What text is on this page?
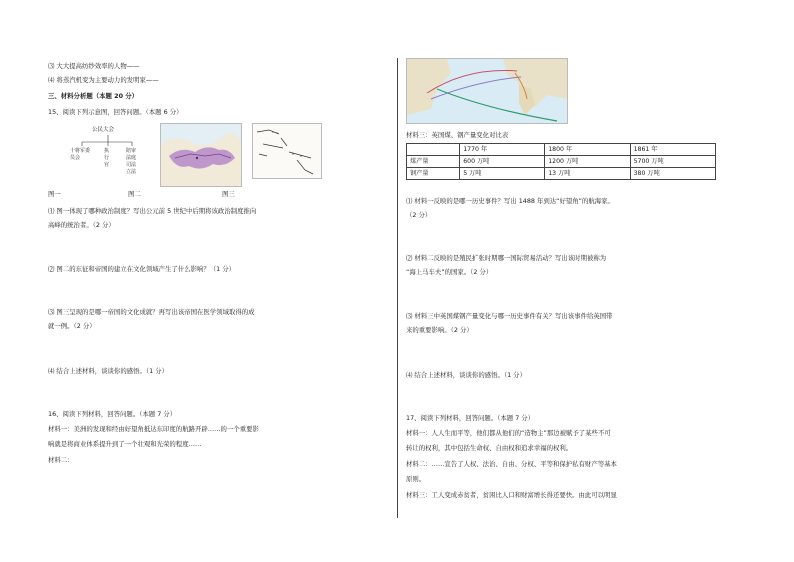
⑶ 大大提高纺纱效率的人物——
⑷ 将蒸汽机变为主要动力的发明家——
三、材料分析题（本题 20 分）
15、阅读下列示意图，回答问题。（本题 6 分）
公民大会
十将军委员会
执行官
陪审法庭司法立法
图一	图二	图三
⑴ 图一体现了哪种政治制度？写出公元前 5 世纪中后期将该政治制度推向
高峰的统治者。（2 分）
⑵ 图二的东征和帝国的建立在文化领域产生了什么影响？（1 分）
⑶ 图三呈现的是哪一帝国的文化成就？再写出该帝国在医学领域取得的成
就一例。（2 分）
⑷ 结合上述材料，谈谈你的感悟。（1 分）
16、阅读下列材料，回答问题。（本题 7 分）
材料一：美洲的发现和经由好望角抵达东印度的航路开辟……的一个重要影
响就是将商业体系提升到了一个壮观和光荣的程度……
材料二：
材料三：英国煤、钢产量变化对比表
	1770 年	1800 年	1861 年
煤产量	600 万吨	1200 万吨	5700 万吨
钢产量	5 万吨	13 万吨	380 万吨
⑴ 材料一反映的是哪一历史事件？写出 1488 年到达“好望角”的航海家。
（2 分）
⑵ 材料二反映的是殖民扩张时期哪一国际贸易活动？写出该时期被称为
“海上马车夫”的国家。（2 分）
⑶ 材料三中英国煤钢产量变化与哪一历史事件有关？写出该事件给英国带
来的重要影响。（2 分）
⑷ 结合上述材料，谈谈你的感悟。（1 分）
17、阅读下列材料，回答问题。（本题 7 分）
材料一：人人生而平等，他们都从他们的“造物主”那边被赋予了某些不可
转让的权利，其中包括生命权、自由权和追求幸福的权利。
材料二：……宣告了人权、法治、自由、分权、平等和保护私有财产等基本
原则。
材料三：工人变成赤贫者，贫困比人口和财富增长得还要快。由此可以明显
